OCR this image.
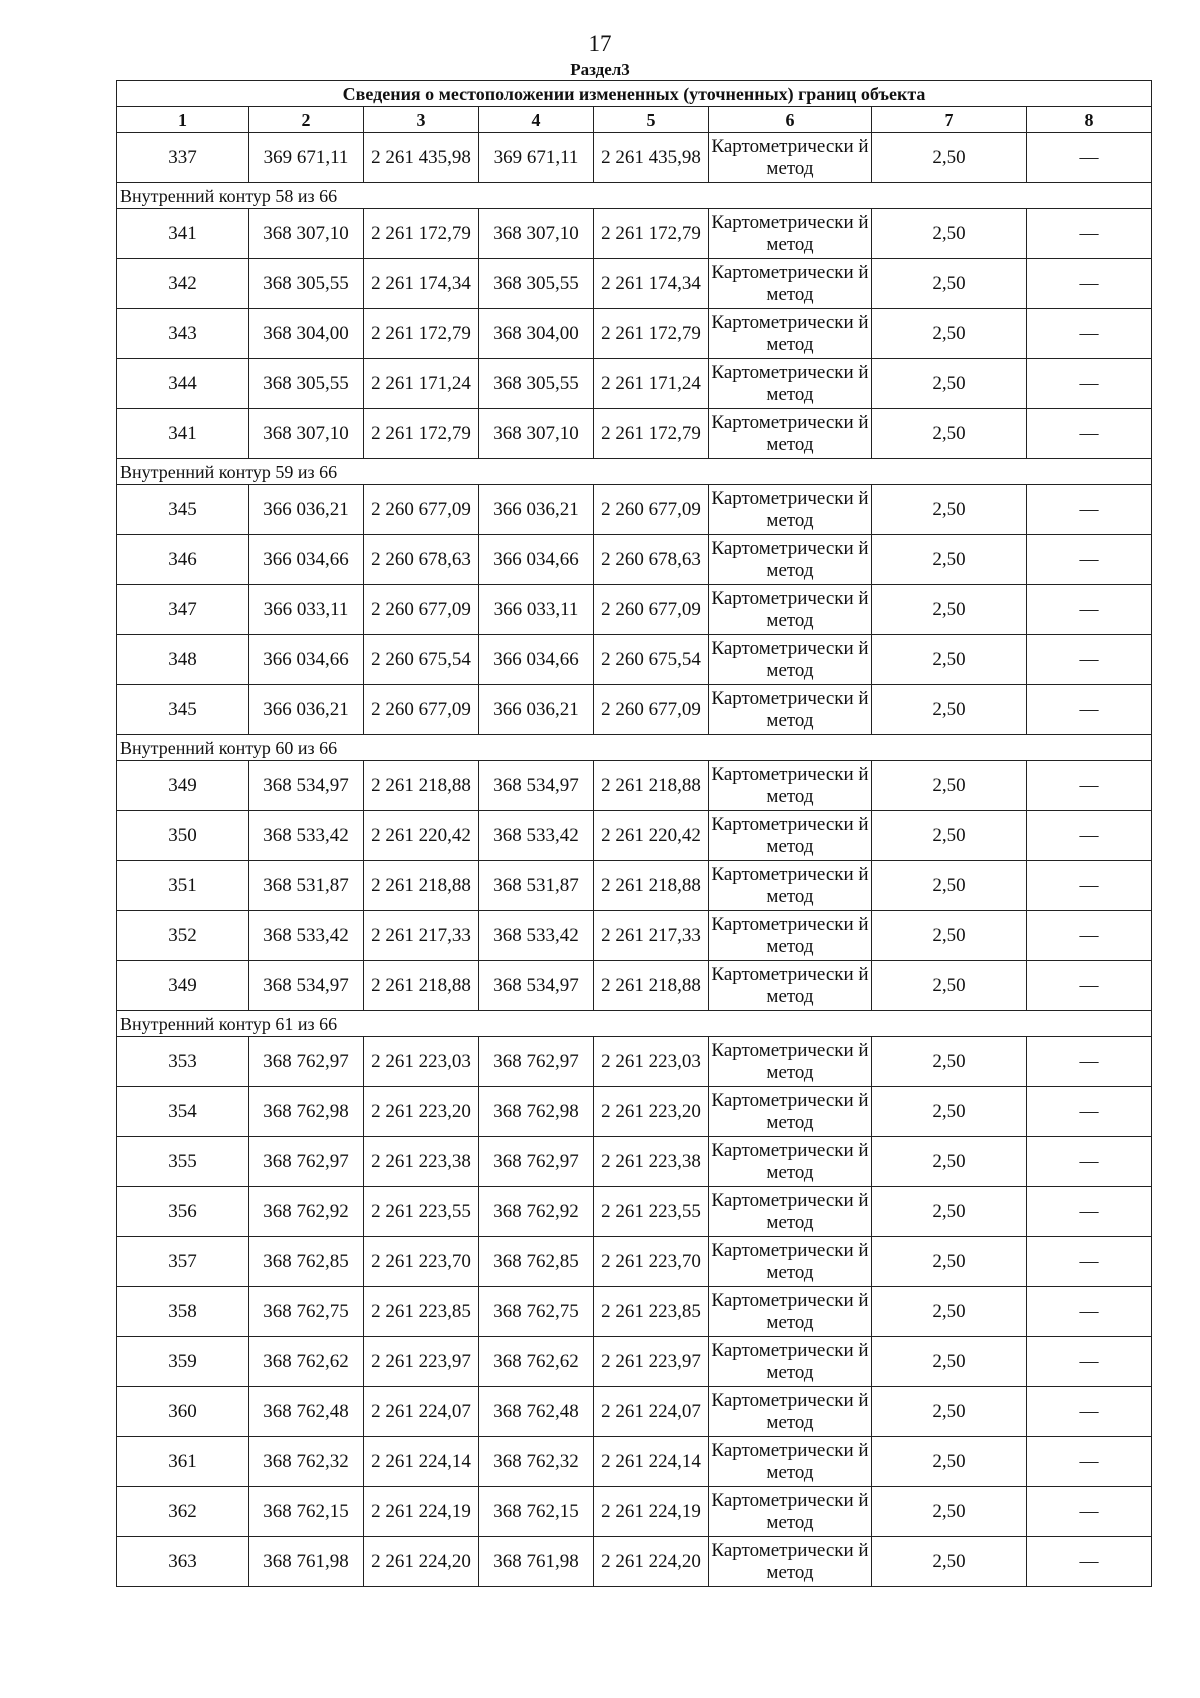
17
Раздел3
Сведения о местоположении измененных (уточненных) границ объекта							
1	2	3	4	5	6	7	8
337	369 671,11	2 261 435,98	369 671,11	2 261 435,98	Картометрически й метод	2,50	—
Внутренний контур 58 из 66							
341	368 307,10	2 261 172,79	368 307,10	2 261 172,79	Картометрически й метод	2,50	—
342	368 305,55	2 261 174,34	368 305,55	2 261 174,34	Картометрически й метод	2,50	—
343	368 304,00	2 261 172,79	368 304,00	2 261 172,79	Картометрически й метод	2,50	—
344	368 305,55	2 261 171,24	368 305,55	2 261 171,24	Картометрически й метод	2,50	—
341	368 307,10	2 261 172,79	368 307,10	2 261 172,79	Картометрически й метод	2,50	—
Внутренний контур 59 из 66							
345	366 036,21	2 260 677,09	366 036,21	2 260 677,09	Картометрически й метод	2,50	—
346	366 034,66	2 260 678,63	366 034,66	2 260 678,63	Картометрически й метод	2,50	—
347	366 033,11	2 260 677,09	366 033,11	2 260 677,09	Картометрически й метод	2,50	—
348	366 034,66	2 260 675,54	366 034,66	2 260 675,54	Картометрически й метод	2,50	—
345	366 036,21	2 260 677,09	366 036,21	2 260 677,09	Картометрически й метод	2,50	—
Внутренний контур 60 из 66							
349	368 534,97	2 261 218,88	368 534,97	2 261 218,88	Картометрически й метод	2,50	—
350	368 533,42	2 261 220,42	368 533,42	2 261 220,42	Картометрически й метод	2,50	—
351	368 531,87	2 261 218,88	368 531,87	2 261 218,88	Картометрически й метод	2,50	—
352	368 533,42	2 261 217,33	368 533,42	2 261 217,33	Картометрически й метод	2,50	—
349	368 534,97	2 261 218,88	368 534,97	2 261 218,88	Картометрически й метод	2,50	—
Внутренний контур 61 из 66							
353	368 762,97	2 261 223,03	368 762,97	2 261 223,03	Картометрически й метод	2,50	—
354	368 762,98	2 261 223,20	368 762,98	2 261 223,20	Картометрически й метод	2,50	—
355	368 762,97	2 261 223,38	368 762,97	2 261 223,38	Картометрически й метод	2,50	—
356	368 762,92	2 261 223,55	368 762,92	2 261 223,55	Картометрически й метод	2,50	—
357	368 762,85	2 261 223,70	368 762,85	2 261 223,70	Картометрически й метод	2,50	—
358	368 762,75	2 261 223,85	368 762,75	2 261 223,85	Картометрически й метод	2,50	—
359	368 762,62	2 261 223,97	368 762,62	2 261 223,97	Картометрически й метод	2,50	—
360	368 762,48	2 261 224,07	368 762,48	2 261 224,07	Картометрически й метод	2,50	—
361	368 762,32	2 261 224,14	368 762,32	2 261 224,14	Картометрически й метод	2,50	—
362	368 762,15	2 261 224,19	368 762,15	2 261 224,19	Картометрически й метод	2,50	—
363	368 761,98	2 261 224,20	368 761,98	2 261 224,20	Картометрически й метод	2,50	—
